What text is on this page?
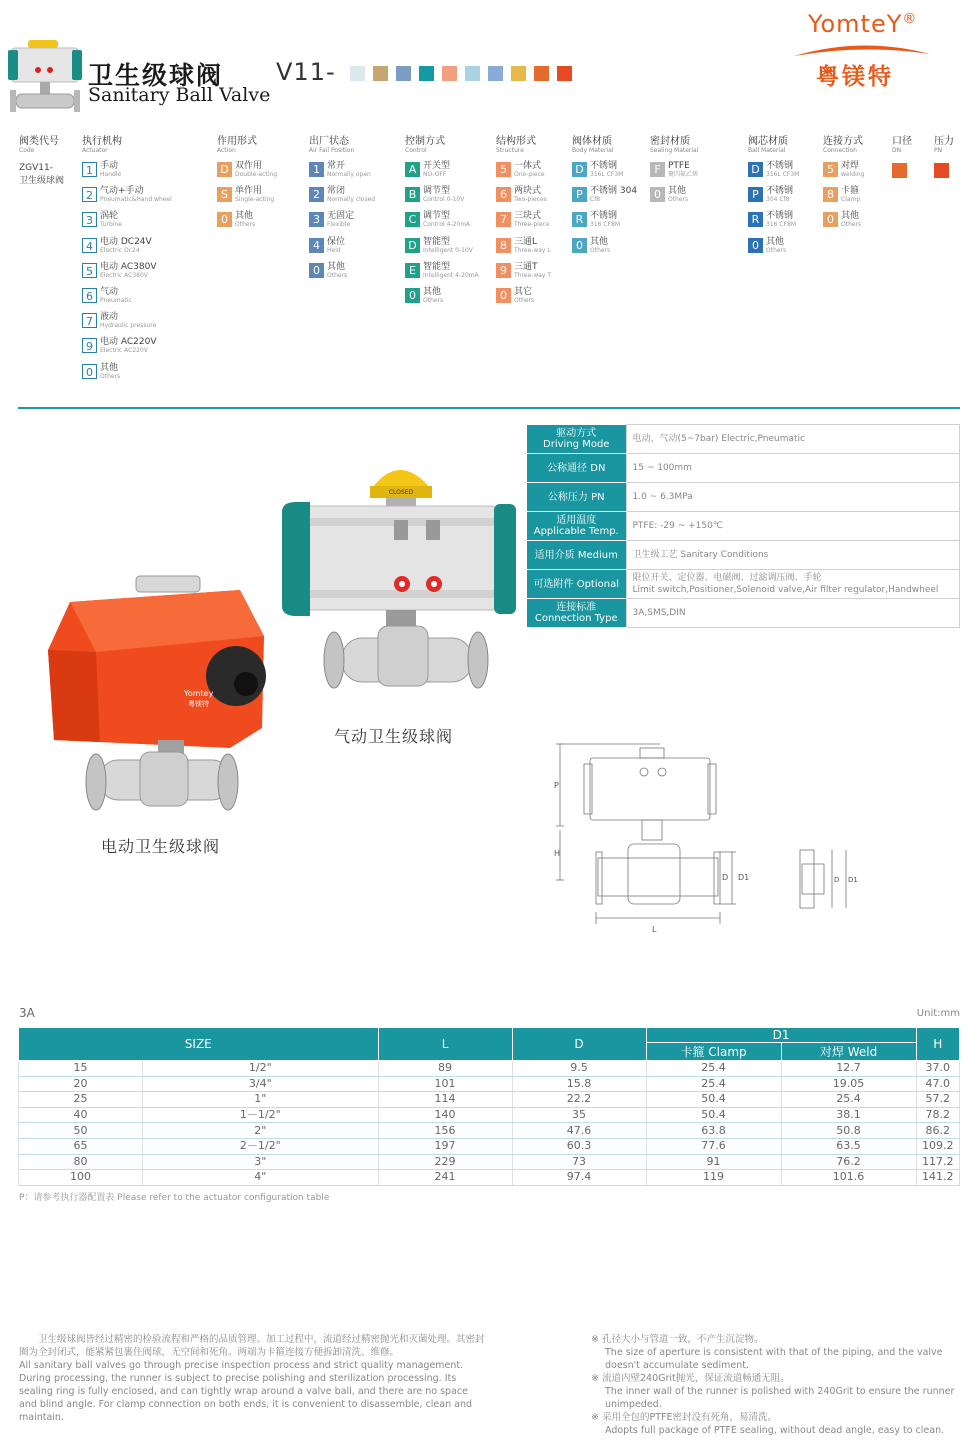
卫生级球阀
Sanitary Ball Valve
V11-
YomteY®
粤镁特
阀类代号
Code
ZGV11-
卫生级球阀
执行机构
Actuator
1 手动
Handle
2 气动+手动
Pneumatic&Hand wheel
3 涡轮
Turbine
4 电动 DC24V
Electric Dc24
5 电动 AC380V
Electric AC380V
6 气动
Pneumatic
7 液动
Hydraulic pressure
9 电动 AC220V
Electric AC220V
0 其他
Others
作用形式
Action
D 双作用
Double-acting
S 单作用
Single-acting
0 其他
Others
出厂状态
Air Fail Position
1 常开
Normally open
2 常闭
Normally closed
3 无固定
Flexible
4 保位
Held
0 其他
Others
控制方式
Control
A 开关型
NO-OFF
B 调节型
Control 0-10V
C 调节型
Control 4-20mA
D 智能型
Intelligent 0-10V
E 智能型
Intelligent 4-20mA
0 其他
Others
结构形式
Structure
5 一体式
One-piece
6 两块式
Two-pieces
7 三块式
Three-piece
8 三通L
Three-way L
9 三通T
Three-way T
0 其它
Others
阀体材质
Body Material
D 不锈钢
316L CF3M
P 不锈钢 304
Cf8
R 不锈钢
316 CF8M
0 其他
Others
密封材质
Sealing Material
F PTFE
聚四氟乙烯
0 其他
Others
阀芯材质
Ball Material
D 不锈钢
316L CF3M
P 不锈钢
304 Cf8
R 不锈钢
316 CF8M
0 其他
Others
连接方式
Connection
5 对焊
welding
8 卡箍
Clamp
0 其他
Others
口径
DN
压力
PN
驱动方式
Driving Mode	电动、气动(5~7bar) Electric,Pneumatic

公称通径 DN	15 ~ 100mm

公称压力 PN	1.0 ~ 6.3MPa

适用温度
Applicable Temp.	PTFE: -29 ~ +150℃

适用介质 Medium	卫生级工艺 Sanitary Conditions

可选附件 Optional	限位开关、定位器、电磁阀、过滤调压阀、手轮
Limit switch,Positioner,Solenoid valve,Air filter regulator,Handwheel

连接标准
Connection Type	3A,SMS,DIN
CLOSED
气动卫生级球阀
Yomtey
粤镁特
电动卫生级球阀
P
H
L
D D1	D D1
3A	Unit:mm
SIZE		L	D	D1		H
				卡箍 Clamp	对焊 Weld	
15	1/2"	89	9.5	25.4	12.7	37.0
20	3/4"	101	15.8	25.4	19.05	47.0
25	1"	114	22.2	50.4	25.4	57.2
40	1－1/2"	140	35	50.4	38.1	78.2
50	2"	156	47.6	63.8	50.8	86.2
65	2－1/2"	197	60.3	77.6	63.5	109.2
80	3"	229	73	91	76.2	117.2
100	4"	241	97.4	119	101.6	141.2
P：请参考执行器配置表 Please refer to the actuator configuration table

卫生级球阀皆经过精密的检验流程和严格的品质管理。加工过程中，流道经过精密抛光和灭菌处理。其密封圈为全封闭式，能紧紧包裹住阀球，无空间和死角。两端为卡箍连接方便拆卸清洗、维修。

All sanitary ball valves go through precise inspection process and strict quality management. During processing, the runner is subject to precise polishing and sterilization processing. Its sealing ring is fully enclosed, and can tightly wrap around a valve ball, and there are no space and blind angle. For clamp connection on both ends, it is convenient to disassemble, clean and maintain.

※ 孔径大小与管道一致，不产生沉淀物。
The size of aperture is consistent with that of the piping, and the valve doesn't accumulate sediment.
※ 流道内壁240Grit抛光，保证流道畅通无阻。
The inner wall of the runner is polished with 240Grit to ensure the runner unimpeded.
※ 采用全包的PTFE密封没有死角，易清洗。
Adopts full package of PTFE sealing, without dead angle, easy to clean.
